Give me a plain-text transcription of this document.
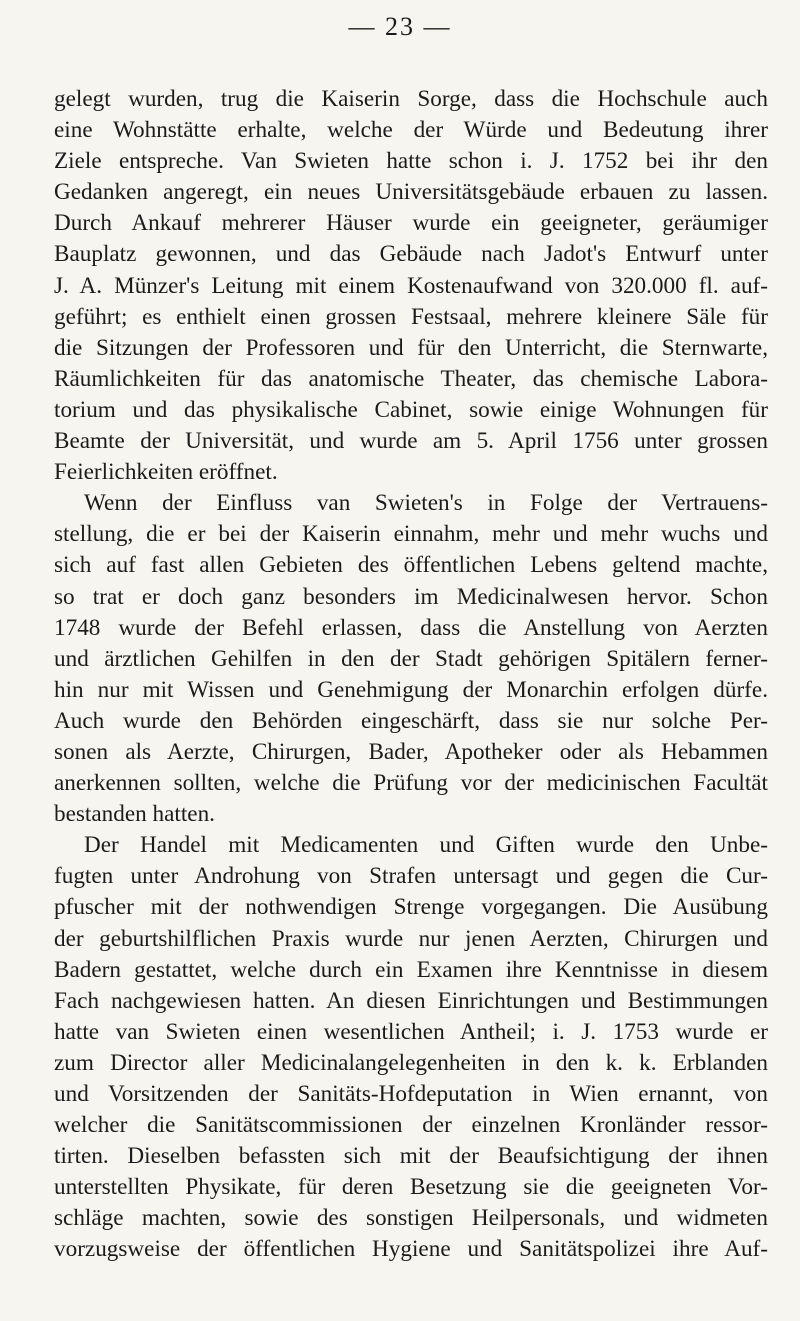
— 23 —
gelegt wurden, trug die Kaiserin Sorge, dass die Hochschule auch
eine Wohnstätte erhalte, welche der Würde und Bedeutung ihrer
Ziele entspreche. Van Swieten hatte schon i. J. 1752 bei ihr den
Gedanken angeregt, ein neues Universitätsgebäude erbauen zu lassen.
Durch Ankauf mehrerer Häuser wurde ein geeigneter, geräumiger
Bauplatz gewonnen, und das Gebäude nach Jadot's Entwurf unter
J. A. Münzer's Leitung mit einem Kostenaufwand von 320.000 fl. auf-
geführt; es enthielt einen grossen Festsaal, mehrere kleinere Säle für
die Sitzungen der Professoren und für den Unterricht, die Sternwarte,
Räumlichkeiten für das anatomische Theater, das chemische Labora-
torium und das physikalische Cabinet, sowie einige Wohnungen für
Beamte der Universität, und wurde am 5. April 1756 unter grossen
Feierlichkeiten eröffnet.
Wenn der Einfluss van Swieten's in Folge der Vertrauens-
stellung, die er bei der Kaiserin einnahm, mehr und mehr wuchs und
sich auf fast allen Gebieten des öffentlichen Lebens geltend machte,
so trat er doch ganz besonders im Medicinalwesen hervor. Schon
1748 wurde der Befehl erlassen, dass die Anstellung von Aerzten
und ärztlichen Gehilfen in den der Stadt gehörigen Spitälern ferner-
hin nur mit Wissen und Genehmigung der Monarchin erfolgen dürfe.
Auch wurde den Behörden eingeschärft, dass sie nur solche Per-
sonen als Aerzte, Chirurgen, Bader, Apotheker oder als Hebammen
anerkennen sollten, welche die Prüfung vor der medicinischen Facultät
bestanden hatten.
Der Handel mit Medicamenten und Giften wurde den Unbe-
fugten unter Androhung von Strafen untersagt und gegen die Cur-
pfuscher mit der nothwendigen Strenge vorgegangen. Die Ausübung
der geburtshilflichen Praxis wurde nur jenen Aerzten, Chirurgen und
Badern gestattet, welche durch ein Examen ihre Kenntnisse in diesem
Fach nachgewiesen hatten. An diesen Einrichtungen und Bestimmungen
hatte van Swieten einen wesentlichen Antheil; i. J. 1753 wurde er
zum Director aller Medicinalangelegenheiten in den k. k. Erblanden
und Vorsitzenden der Sanitäts-Hofdeputation in Wien ernannt, von
welcher die Sanitätscommissionen der einzelnen Kronländer ressor-
tirten. Dieselben befassten sich mit der Beaufsichtigung der ihnen
unterstellten Physikate, für deren Besetzung sie die geeigneten Vor-
schläge machten, sowie des sonstigen Heilpersonals, und widmeten
vorzugsweise der öffentlichen Hygiene und Sanitätspolizei ihre Auf-
